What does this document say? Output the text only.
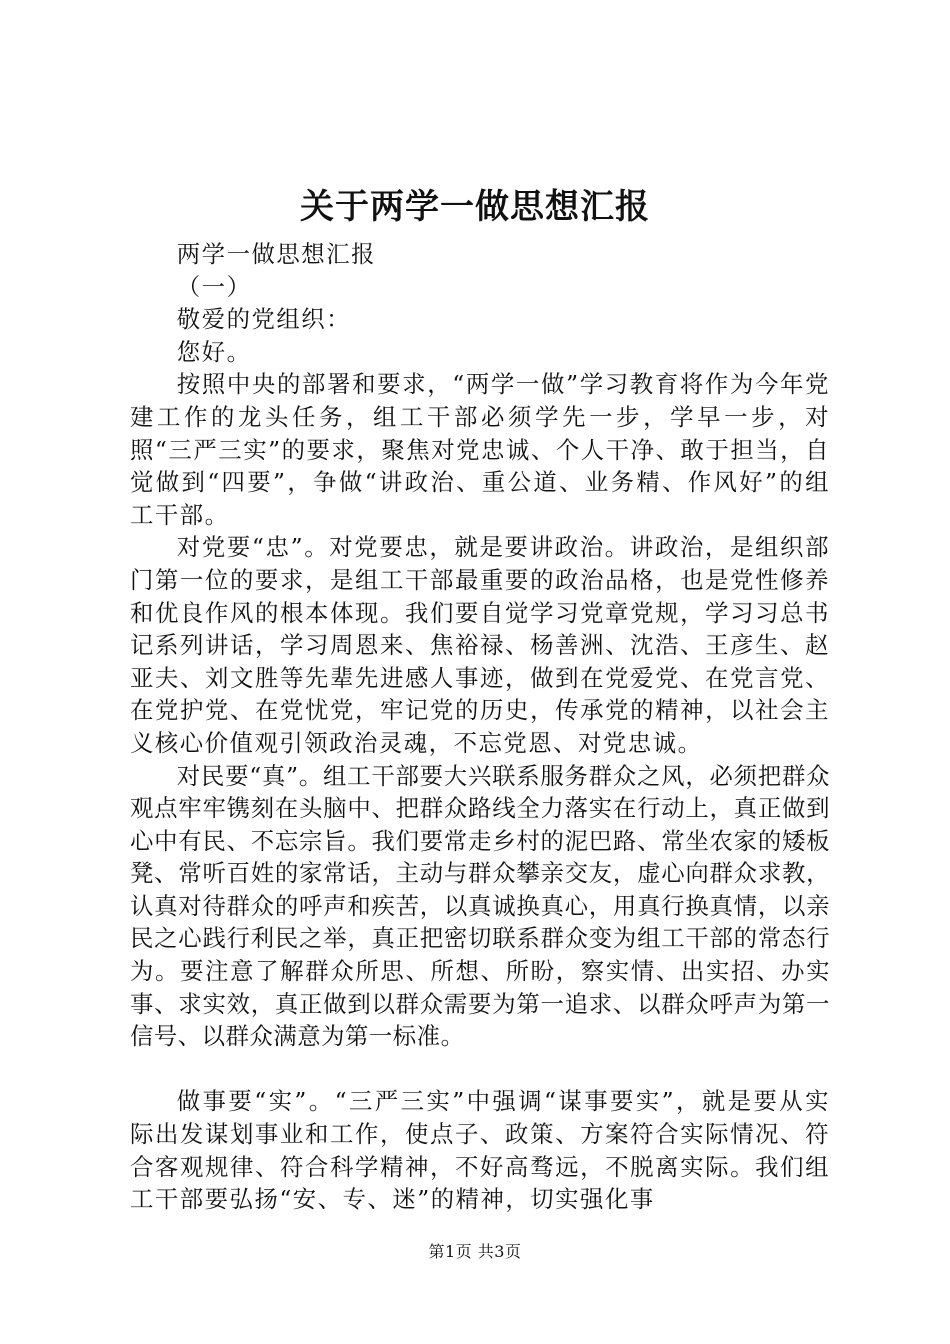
关于两学一做思想汇报

两学一做思想汇报

（一）

敬爱的党组织：

您好。

按照中央的部署和要求，“两学一做”学习教育将作为今年党建工作的龙头任务，组工干部必须学先一步，学早一步，对照“三严三实”的要求，聚焦对党忠诚、个人干净、敢于担当，自觉做到“四要”，争做“讲政治、重公道、业务精、作风好”的组工干部。

对党要“忠”。对党要忠，就是要讲政治。讲政治，是组织部门第一位的要求，是组工干部最重要的政治品格，也是党性修养和优良作风的根本体现。我们要自觉学习党章党规，学习习总书记系列讲话，学习周恩来、焦裕禄、杨善洲、沈浩、王彦生、赵亚夫、刘文胜等先辈先进感人事迹，做到在党爱党、在党言党、在党护党、在党忧党，牢记党的历史，传承党的精神，以社会主义核心价值观引领政治灵魂，不忘党恩、对党忠诚。

对民要“真”。组工干部要大兴联系服务群众之风，必须把群众观点牢牢镌刻在头脑中、把群众路线全力落实在行动上，真正做到心中有民、不忘宗旨。我们要常走乡村的泥巴路、常坐农家的矮板凳、常听百姓的家常话，主动与群众攀亲交友，虚心向群众求教，认真对待群众的呼声和疾苦，以真诚换真心，用真行换真情，以亲民之心践行利民之举，真正把密切联系群众变为组工干部的常态行为。要注意了解群众所思、所想、所盼，察实情、出实招、办实事、求实效，真正做到以群众需要为第一追求、以群众呼声为第一信号、以群众满意为第一标准。

做事要“实”。“三严三实”中强调“谋事要实”，就是要从实际出发谋划事业和工作，使点子、政策、方案符合实际情况、符合客观规律、符合科学精神，不好高骛远，不脱离实际。我们组工干部要弘扬“安、专、迷”的精神，切实强化事

第1页 共3页
